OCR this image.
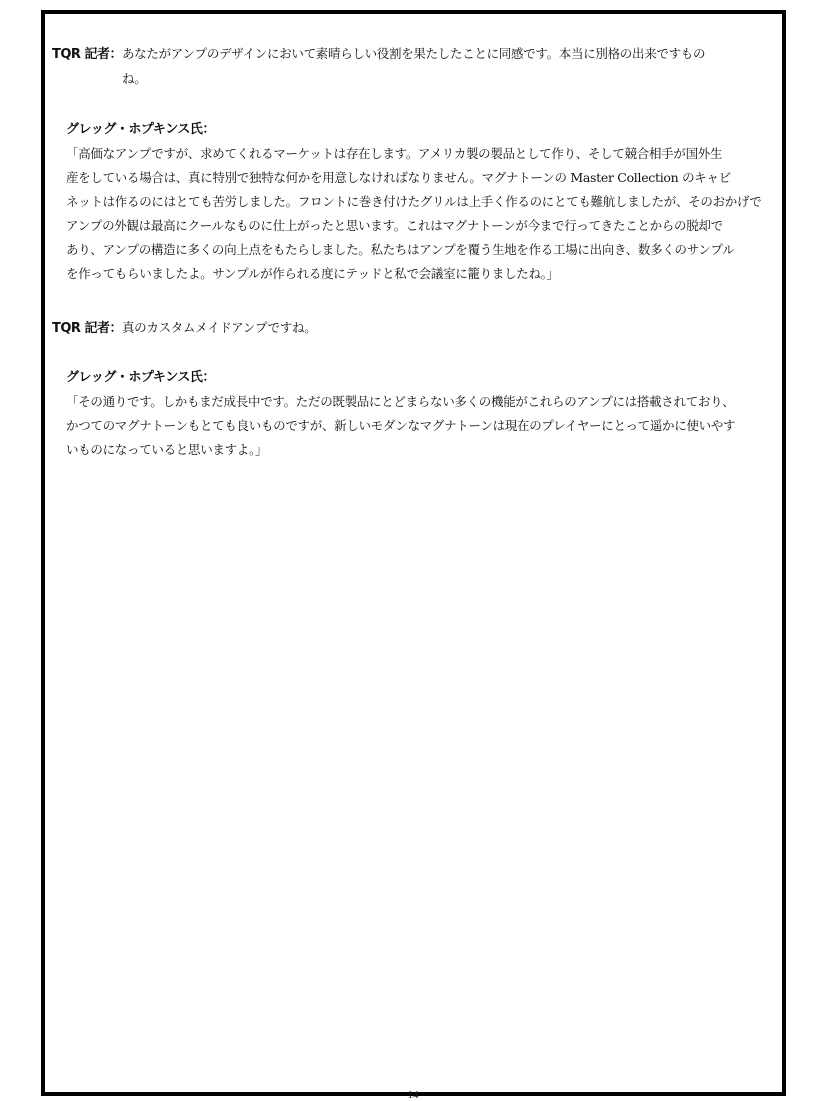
TQR 記者：あなたがアンプのデザインにおいて素晴らしい役割を果たしたことに同感です。本当に別格の出来ですもの
ね。
グレッグ・ホプキンス氏：
「高価なアンプですが、求めてくれるマーケットは存在します。アメリカ製の製品として作り、そして競合相手が国外生
産をしている場合は、真に特別で独特な何かを用意しなければなりません。マグナトーンの Master Collection のキャビ
ネットは作るのにはとても苦労しました。フロントに巻き付けたグリルは上手く作るのにとても難航しましたが、そのおかげで
アンプの外観は最高にクールなものに仕上がったと思います。これはマグナトーンが今まで行ってきたことからの脱却で
あり、アンプの構造に多くの向上点をもたらしました。私たちはアンプを覆う生地を作る工場に出向き、数多くのサンプル
を作ってもらいましたよ。サンプルが作られる度にテッドと私で会議室に籠りましたね。」
TQR 記者：真のカスタムメイドアンプですね。
グレッグ・ホプキンス氏：
「その通りです。しかもまだ成長中です。ただの既製品にとどまらない多くの機能がこれらのアンプには搭載されており、
かつてのマグナトーンもとても良いものですが、新しいモダンなマグナトーンは現在のプレイヤーにとって遥かに使いやす
いものになっていると思いますよ。」
14
